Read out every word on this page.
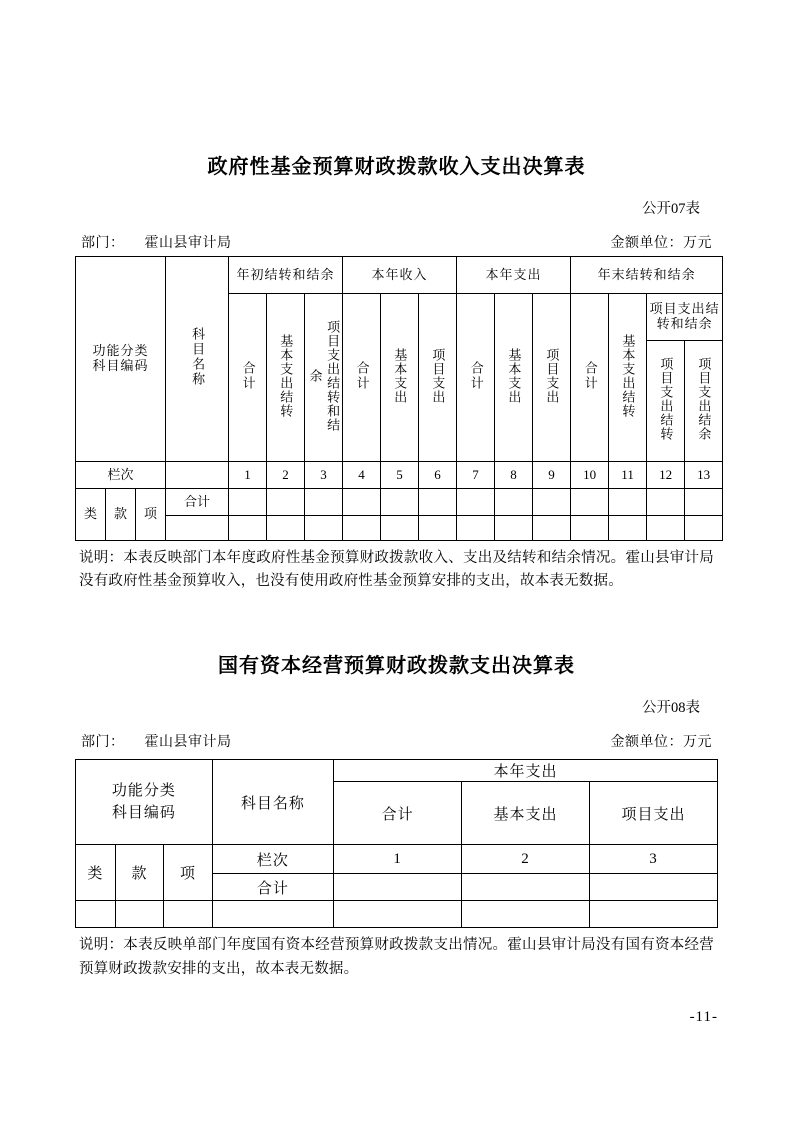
政府性基金预算财政拨款收入支出决算表
公开07表
部门： 霍山县审计局	金额单位：万元
功能分类
科目编码			科目名称	年初结转和结余			本年收入			本年支出			年末结转和结余			
				合计	基本支出结转	项目支出结转和结余	合计	基本支出	项目支出	合计	基本支出	项目支出	合计	基本支出结转	项目支出结转和结余	
															项目支出结转	项目支出结余
栏次				1	2	3	4	5	6	7	8	9	10	11	12	13
类	款	项	合计													

说明：本表反映部门本年度政府性基金预算财政拨款收入、支出及结转和结余情况。霍山县审计局没有政府性基金预算收入，也没有使用政府性基金预算安排的支出，故本表无数据。
国有资本经营预算财政拨款支出决算表
公开08表
部门： 霍山县审计局	金额单位：万元
功能分类
科目编码			科目名称	本年支出		
				合计	基本支出	项目支出
类	款	项	栏次	1	2	3
			合计			

说明：本表反映单部门年度国有资本经营预算财政拨款支出情况。霍山县审计局没有国有资本经营预算财政拨款安排的支出，故本表无数据。
-11-
